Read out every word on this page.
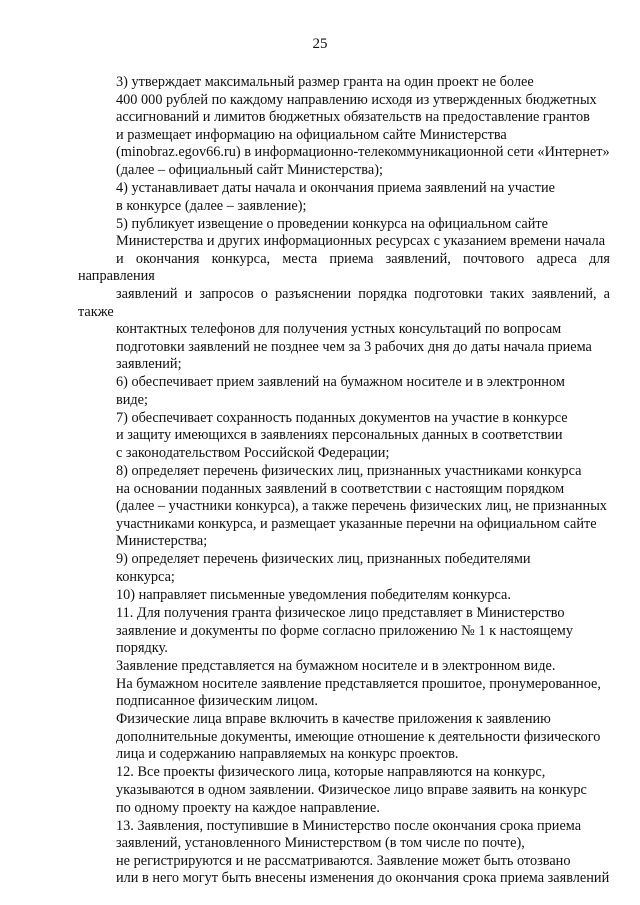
25

3) утверждает максимальный размер гранта на один проект не более
400 000 рублей по каждому направлению исходя из утвержденных бюджетных
ассигнований и лимитов бюджетных обязательств на предоставление грантов
и размещает информацию на официальном сайте Министерства
(minobraz.egov66.ru) в информационно-телекоммуникационной сети «Интернет»
(далее – официальный сайт Министерства);

4) устанавливает даты начала и окончания приема заявлений на участие
в конкурсе (далее – заявление);

5) публикует извещение о проведении конкурса на официальном сайте
Министерства и других информационных ресурсах с указанием времени начала
и окончания конкурса, места приема заявлений, почтового адреса для направления
заявлений и запросов о разъяснении порядка подготовки таких заявлений, а также
контактных телефонов для получения устных консультаций по вопросам
подготовки заявлений не позднее чем за 3 рабочих дня до даты начала приема
заявлений;

6) обеспечивает прием заявлений на бумажном носителе и в электронном
виде;

7) обеспечивает сохранность поданных документов на участие в конкурсе
и защиту имеющихся в заявлениях персональных данных в соответствии
с законодательством Российской Федерации;

8) определяет перечень физических лиц, признанных участниками конкурса
на основании поданных заявлений в соответствии с настоящим порядком
(далее – участники конкурса), а также перечень физических лиц, не признанных
участниками конкурса, и размещает указанные перечни на официальном сайте
Министерства;

9) определяет перечень физических лиц, признанных победителями
конкурса;

10) направляет письменные уведомления победителям конкурса.

11. Для получения гранта физическое лицо представляет в Министерство
заявление и документы по форме согласно приложению № 1 к настоящему
порядку.

Заявление представляется на бумажном носителе и в электронном виде.
На бумажном носителе заявление представляется прошитое, пронумерованное,
подписанное физическим лицом.

Физические лица вправе включить в качестве приложения к заявлению
дополнительные документы, имеющие отношение к деятельности физического
лица и содержанию направляемых на конкурс проектов.

12. Все проекты физического лица, которые направляются на конкурс,
указываются в одном заявлении. Физическое лицо вправе заявить на конкурс
по одному проекту на каждое направление.

13. Заявления, поступившие в Министерство после окончания срока приема
заявлений, установленного Министерством (в том числе по почте),
не регистрируются и не рассматриваются. Заявление может быть отозвано
или в него могут быть внесены изменения до окончания срока приема заявлений
